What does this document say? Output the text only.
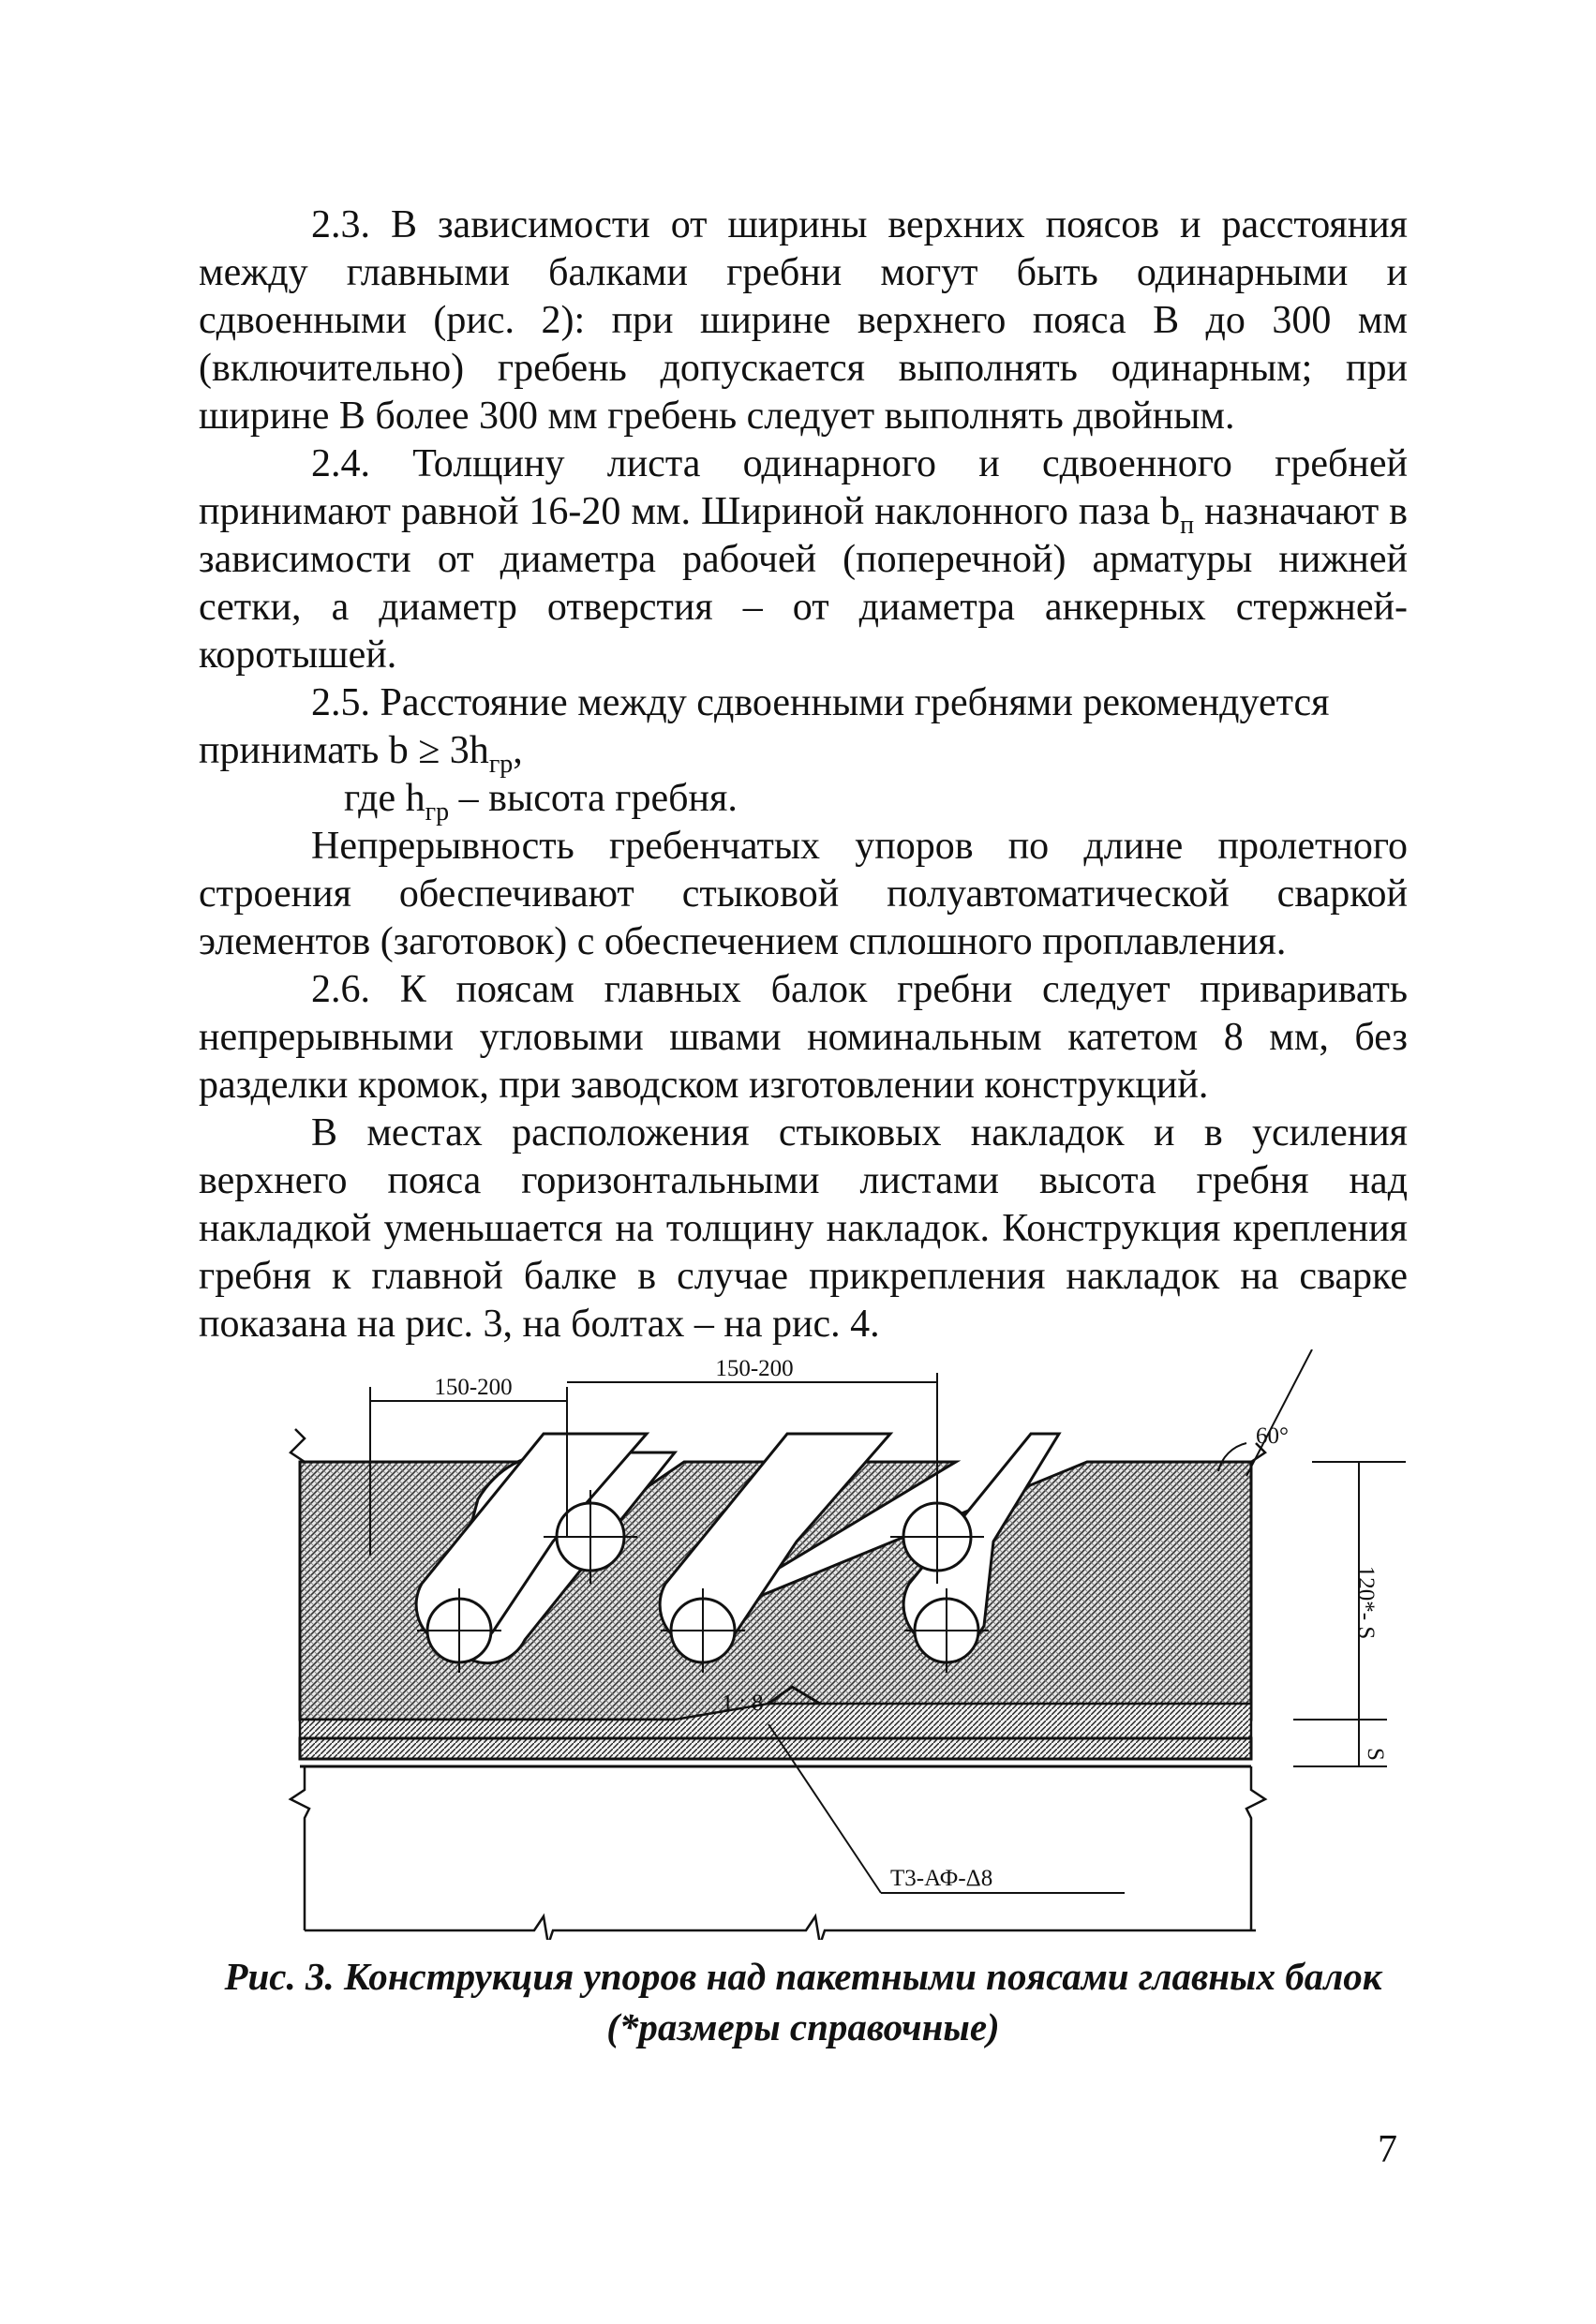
2.3. В зависимости от ширины верхних поясов и расстояния между главными балками гребни могут быть одинарными и сдвоенными (рис. 2): при ширине верхнего пояса B до 300 мм (включительно) гребень допускается выполнять одинарным; при ширине B более 300 мм гребень следует выполнять двойным.

2.4. Толщину листа одинарного и сдвоенного гребней принимают равной 16-20 мм. Шириной наклонного паза $b_п$ назначают в зависимости от диаметра рабочей (поперечной) арматуры нижней сетки, а диаметр отверстия – от диаметра анкерных стержней-коротышей.

2.5. Расстояние между сдвоенными гребнями рекомендуется

принимать $b \ge 3h_{гр}$,

где $h_{гр}$ – высота гребня.

Непрерывность гребенчатых упоров по длине пролетного строения обеспечивают стыковой полуавтоматической сваркой элементов (заготовок) с обеспечением сплошного проплавления.

2.6. К поясам главных балок гребни следует приваривать непрерывными угловыми швами номинальным катетом 8 мм, без разделки кромок, при заводском изготовлении конструкций.

В местах расположения стыковых накладок и в усиления верхнего пояса горизонтальными листами высота гребня над накладкой уменьшается на толщину накладок. Конструкция крепления гребня к главной балке в случае прикрепления накладок на сварке показана на рис. 3, на болтах – на рис. 4.

150-200
150-200
60°
120*- S
S
1 : 8
Т3-АФ-Δ8
Рис. 3. Конструкция упоров над пакетными поясами главных балок
(*размеры справочные)
7
